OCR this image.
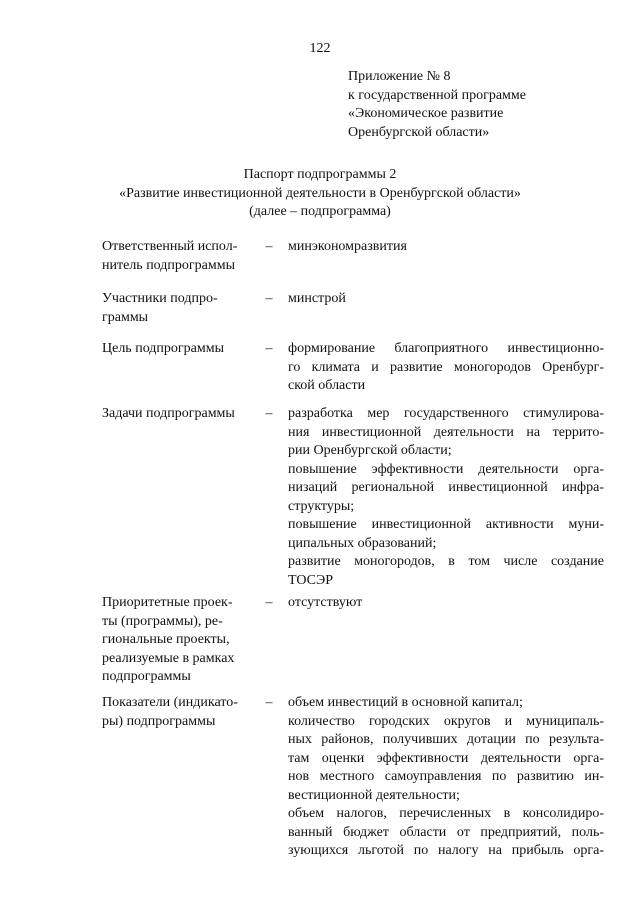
122
Приложение № 8
к государственной программе
«Экономическое развитие
Оренбургской области»
Паспорт подпрограммы 2
«Развитие инвестиционной деятельности в Оренбургской области»
(далее – подпрограмма)
Ответственный испол-
нитель подпрограммы
– минэкономразвития
Участники подпро-
граммы
– минстрой
Цель подпрограммы	– формирование благоприятного инвестиционно-
го климата и развитие моногородов Оренбург-
ской области
Задачи подпрограммы	– разработка мер государственного стимулирова-
ния инвестиционной деятельности на террито-
рии Оренбургской области;
повышение эффективности деятельности орга-
низаций региональной инвестиционной инфра-
структуры;
повышение инвестиционной активности муни-
ципальных образований;
развитие моногородов, в том числе создание
ТОСЭР
Приоритетные проек-
ты (программы), ре-
гиональные проекты,
реализуемые в рамках
подпрограммы
– отсутствуют
Показатели (индикато-
ры) подпрограммы
– объем инвестиций в основной капитал;
количество городских округов и муниципаль-
ных районов, получивших дотации по результа-
там оценки эффективности деятельности орга-
нов местного самоуправления по развитию ин-
вестиционной деятельности;
объем налогов, перечисленных в консолидиро-
ванный бюджет области от предприятий, поль-
зующихся льготой по налогу на прибыль орга-
